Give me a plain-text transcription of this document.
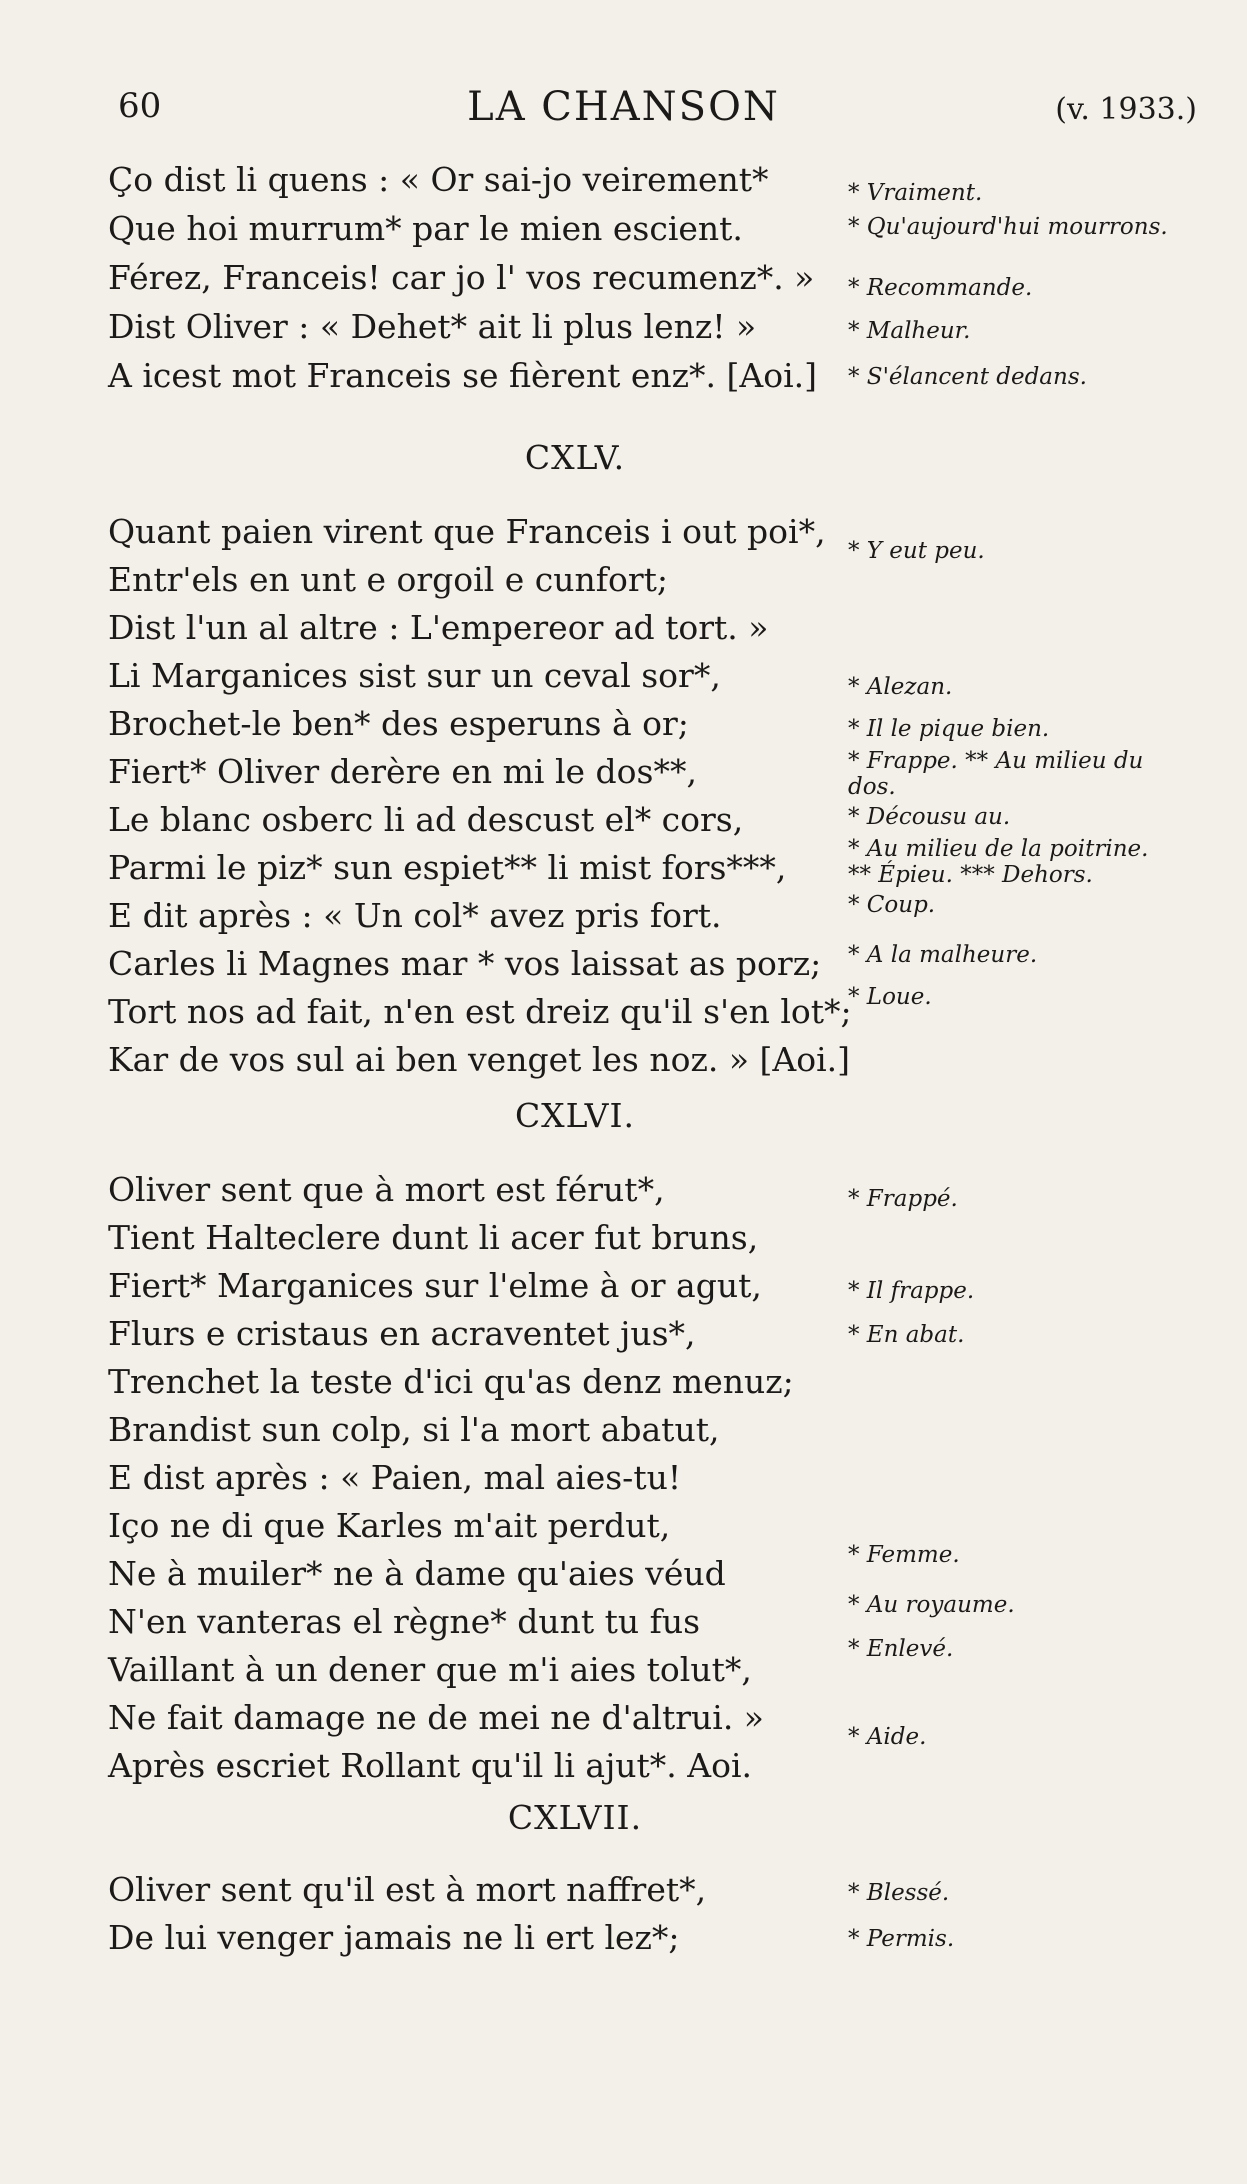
60	LA CHANSON	(v. 1933.)
Ço dist li quens : « Or sai-jo veirement*
Que hoi murrum* par le mien escient.
Férez, Franceis! car jo l' vos recumenz*. »
Dist Oliver : « Dehet* ait li plus lenz! »
A icest mot Franceis se fièrent enz*. [Aoi.]
* Vraiment.
* Qu'aujourd'hui mourrons.
* Recommande.
* Malheur.
* S'élancent dedans.
CXLV.
Quant paien virent que Franceis i out poi*,
Entr'els en unt e orgoil e cunfort;
Dist l'un al altre : L'empereor ad tort. »
Li Marganices sist sur un ceval sor*,
Brochet-le ben* des esperuns à or;
Fiert* Oliver derère en mi le dos**,
Le blanc osberc li ad descust el* cors,
Parmi le piz* sun espiet** li mist fors***,
E dit après : « Un col* avez pris fort.
Carles li Magnes mar * vos laissat as porz;
Tort nos ad fait, n'en est dreiz qu'il s'en lot*;
Kar de vos sul ai ben venget les noz. » [Aoi.]
* Y eut peu.
* Alezan.
* Il le pique bien.
* Frappe. ** Au milieu du dos.
* Décousu au.
* Au milieu de la poitrine.
** Épieu. *** Dehors.
* Coup.
* A la malheure.
* Loue.
CXLVI.
Oliver sent que à mort est férut*,
Tient Halteclere dunt li acer fut bruns,
Fiert* Marganices sur l'elme à or agut,
Flurs e cristaus en acraventet jus*,
Trenchet la teste d'ici qu'as denz menuz;
Brandist sun colp, si l'a mort abatut,
E dist après : « Paien, mal aies-tu!
Iço ne di que Karles m'ait perdut,
Ne à muiler* ne à dame qu'aies véud
N'en vanteras el règne* dunt tu fus
Vaillant à un dener que m'i aies tolut*,
Ne fait damage ne de mei ne d'altrui. »
Après escriet Rollant qu'il li ajut*. Aoi.
* Frappé.
* Il frappe.
* En abat.
* Femme.
* Au royaume.
* Enlevé.
* Aide.
CXLVII.
Oliver sent qu'il est à mort naffret*,
De lui venger jamais ne li ert lez*;
* Blessé.
* Permis.
